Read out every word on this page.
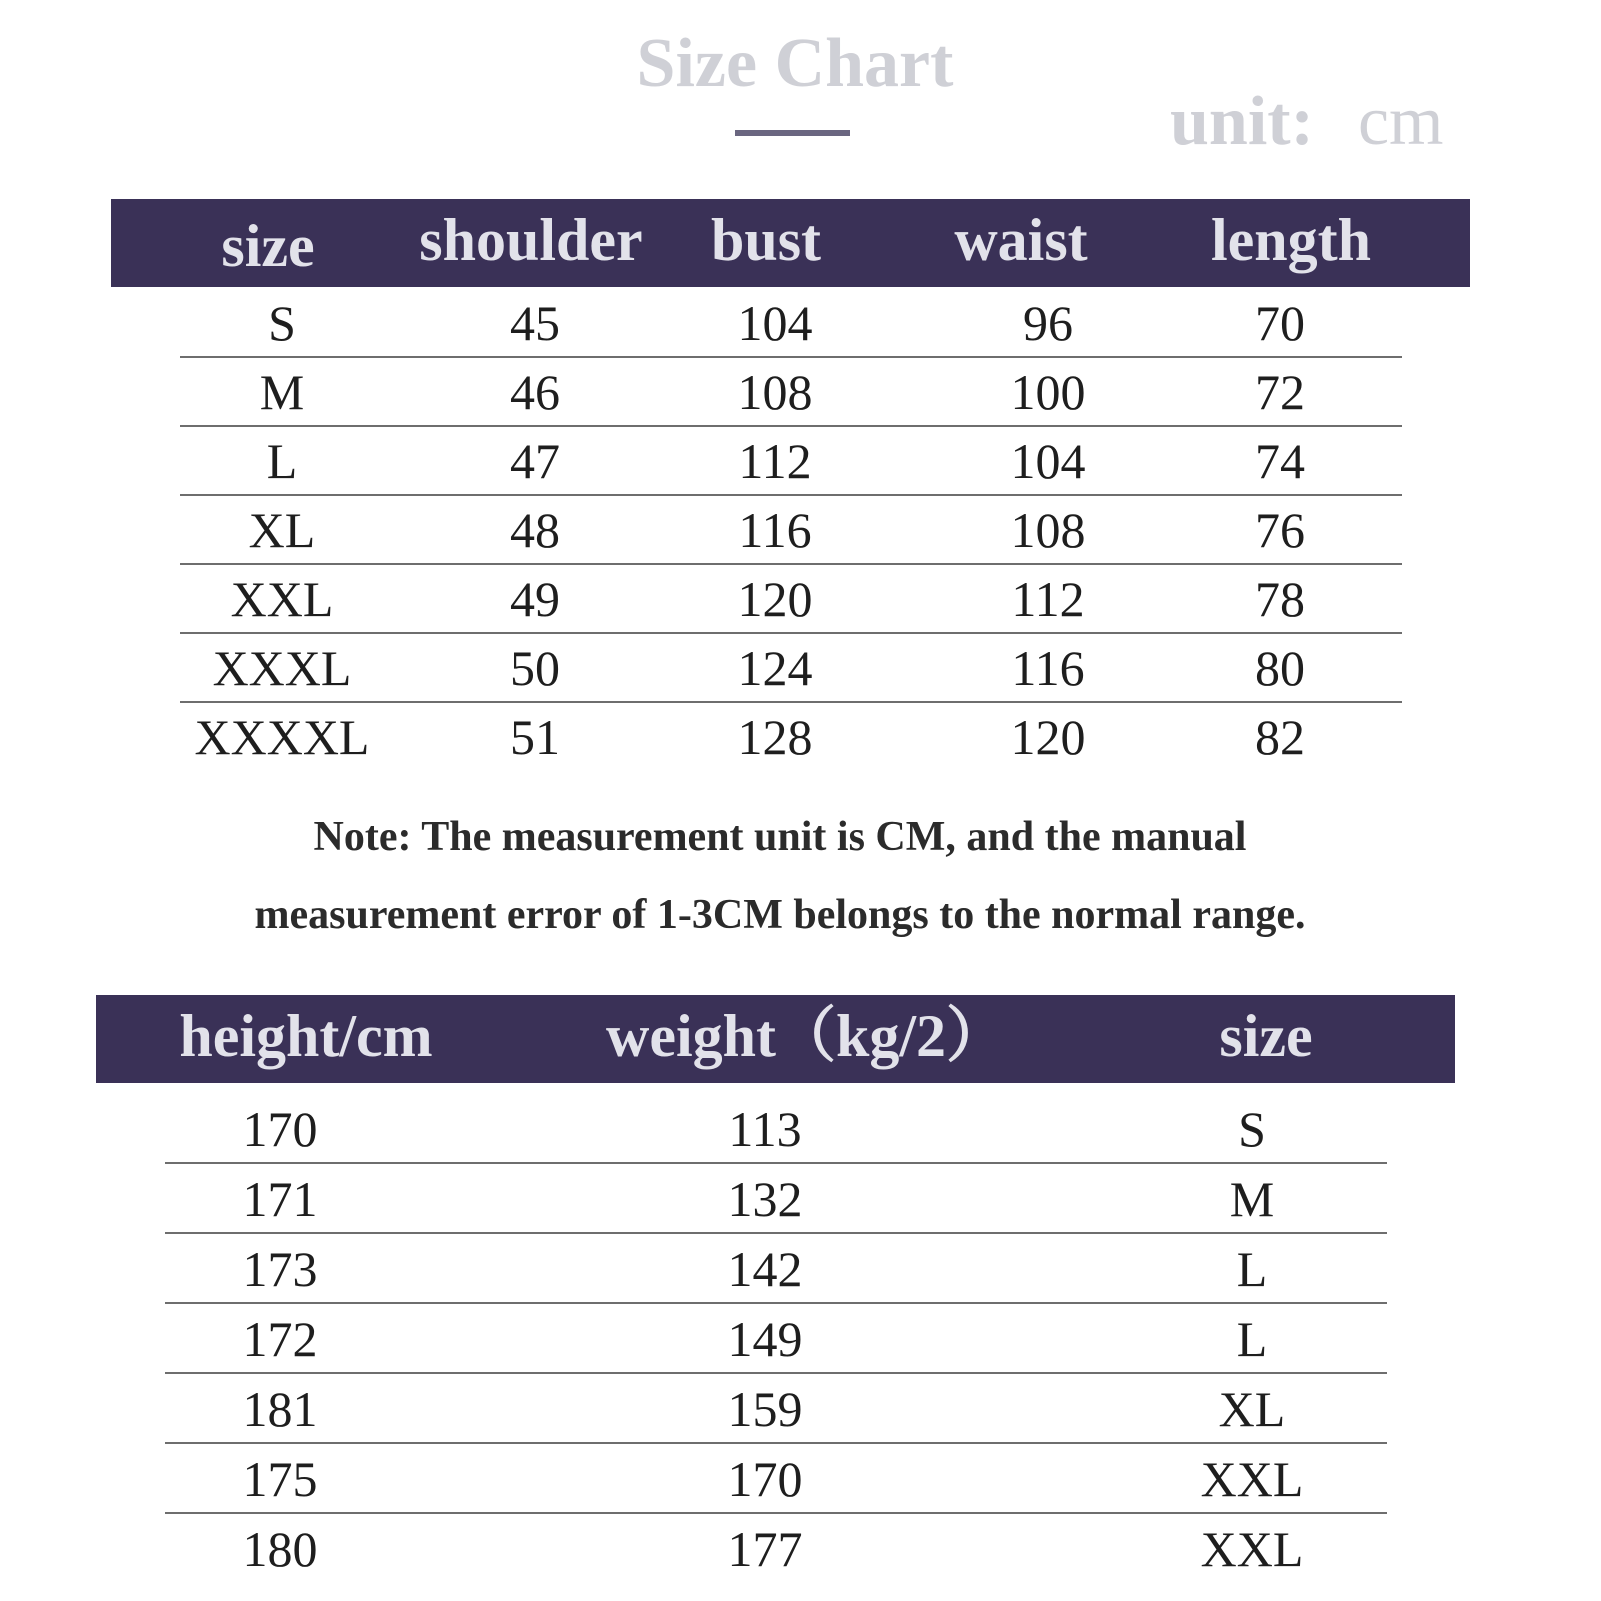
Size Chart
unit: cm
size	shoulder	bust	waist	length
S	45	104	96	70
M	46	108	100	72
L	47	112	104	74
XL	48	116	108	76
XXL	49	120	112	78
XXXL	50	124	116	80
XXXXL	51	128	120	82
Note: The measurement unit is CM, and the manual
measurement error of 1-3CM belongs to the normal range.
height/cm	weight（kg/2）	size
170	113	S
171	132	M
173	142	L
172	149	L
181	159	XL
175	170	XXL
180	177	XXL
